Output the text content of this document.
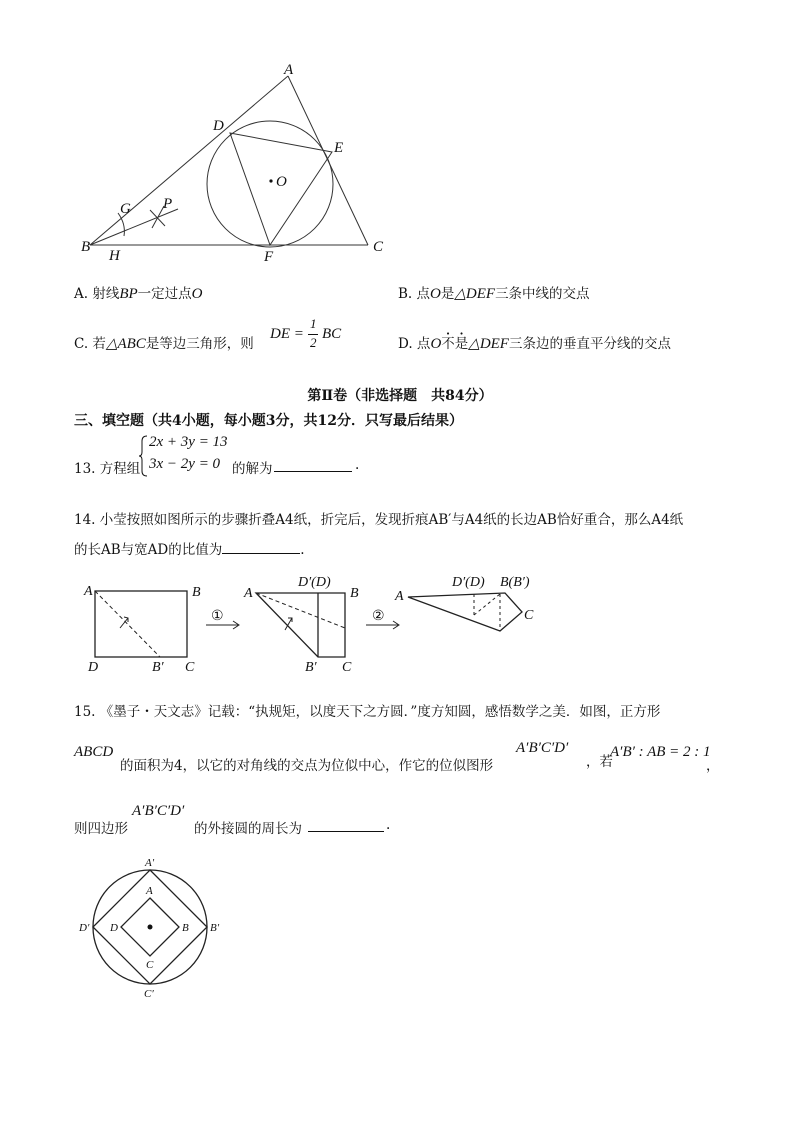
A
D
E
O
G P
B
H	F
C
A. 射线BP一定过点O	B. 点O是△DEF三条中线的交点
C. 若△ABC是等边三角形，则
DE =
1
2
BC
D. 点O不是△DEF三条边的垂直平分线的交点
第Ⅱ卷（非选择题　共84分）
三、填空题（共4小题，每小题3分，共12分．只写最后结果）
13. 方程组
2x + 3y = 13
3x − 2y = 0 的解为	.
14. 小莹按照如图所示的步骤折叠A4纸，折完后，发现折痕AB′与A4纸的长边AB恰好重合，那么A4纸
的长AB与宽AD的比值为	.
A	B
D	B′ C
①
A
D′(D)
B
B′ C
②
A
D′(D) B(B′)
C
15. 《墨子・天文志》记载：“执规矩，以度天下之方圆．”度方知圆，感悟数学之美．如图，正方形
ABCD
的面积为4，以它的对角线的交点为位似中心，作它的位似图形
A′B′C′D′
，若
A′B′ : AB = 2 : 1
，
则四边形
A′B′C′D′
的外接圆的周长为	.
A′
A
D′ D	B B′
C
C′
